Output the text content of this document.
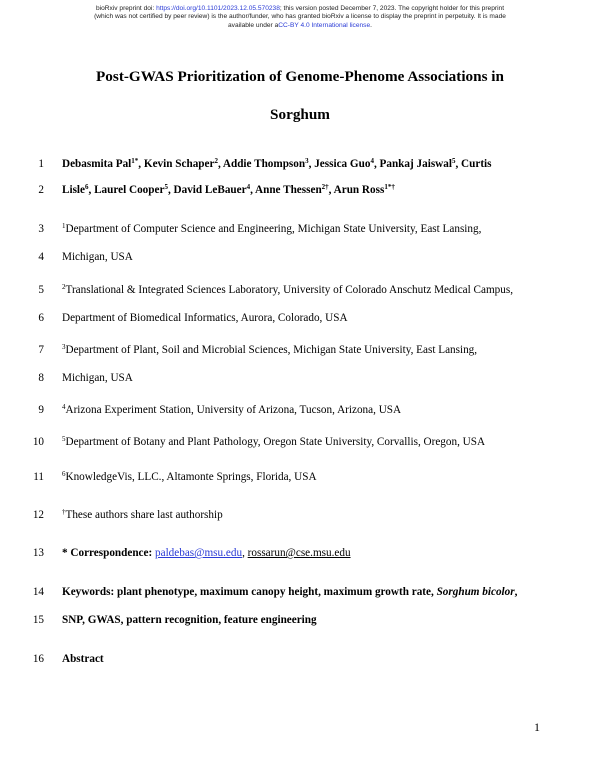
bioRxiv preprint doi: https://doi.org/10.1101/2023.12.05.570238; this version posted December 7, 2023. The copyright holder for this preprint
(which was not certified by peer review) is the author/funder, who has granted bioRxiv a license to display the preprint in perpetuity. It is made
available under aCC-BY 4.0 International license.
Post-GWAS Prioritization of Genome-Phenome Associations in
Sorghum
1
2
3
4
5
6
7
8
9
10
11
12
13
14
15
16
Debasmita Pal$^{1*}$, Kevin Schaper$^2$, Addie Thompson$^3$, Jessica Guo$^4$, Pankaj Jaiswal$^5$, Curtis
Lisle$^6$, Laurel Cooper$^5$, David LeBauer$^4$, Anne Thessen$^{2\dagger}$, Arun Ross$^{1*\dagger}$
$^1$Department of Computer Science and Engineering, Michigan State University, East Lansing,
Michigan, USA
$^2$Translational & Integrated Sciences Laboratory, University of Colorado Anschutz Medical Campus,
Department of Biomedical Informatics, Aurora, Colorado, USA
$^3$Department of Plant, Soil and Microbial Sciences, Michigan State University, East Lansing,
Michigan, USA
$^4$Arizona Experiment Station, University of Arizona, Tucson, Arizona, USA
$^5$Department of Botany and Plant Pathology, Oregon State University, Corvallis, Oregon, USA
$^6$KnowledgeVis, LLC., Altamonte Springs, Florida, USA
†These authors share last authorship
* Correspondence: paldebas@msu.edu, rossarun@cse.msu.edu
Keywords: plant phenotype, maximum canopy height, maximum growth rate, Sorghum bicolor,
SNP, GWAS, pattern recognition, feature engineering
Abstract
1
